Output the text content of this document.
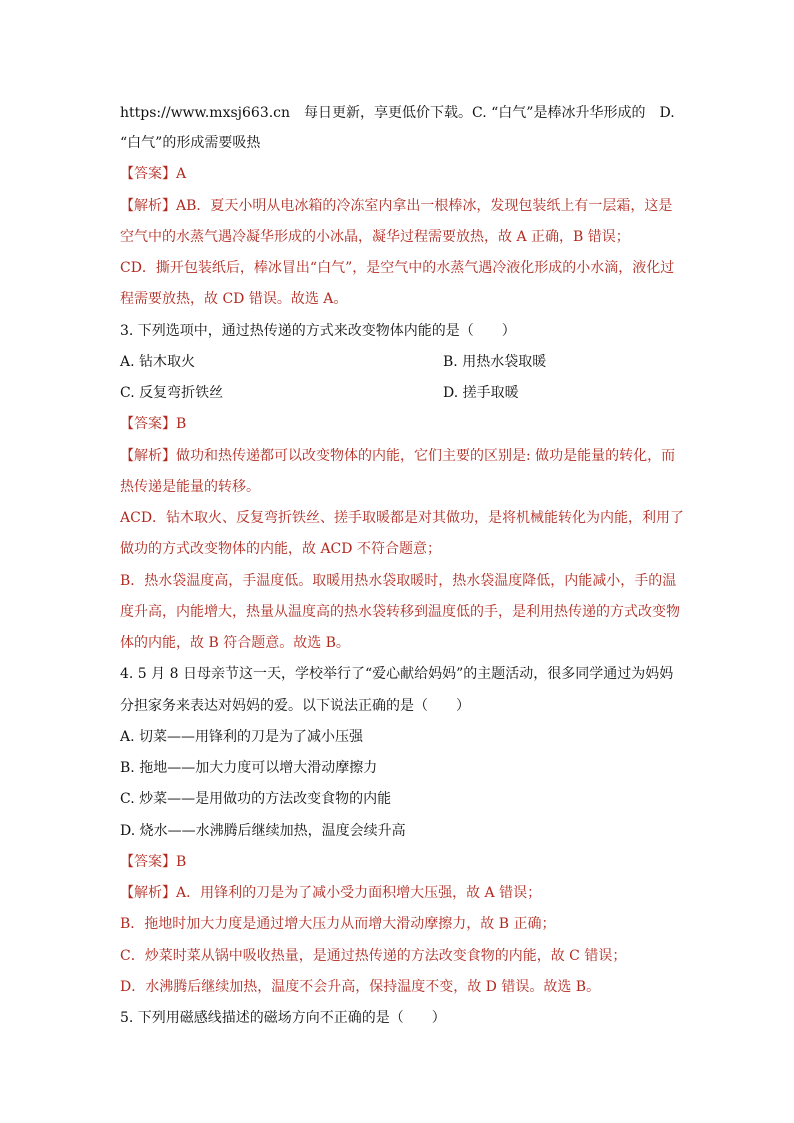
https://www.mxsj663.cn 每日更新，享更低价下载。C. “白气”是棒冰升华形成的 D.
“白气”的形成需要吸热
【答案】A
【解析】AB．夏天小明从电冰箱的冷冻室内拿出一根棒冰，发现包装纸上有一层霜，这是
空气中的水蒸气遇冷凝华形成的小冰晶，凝华过程需要放热，故 A 正确，B 错误；
CD．撕开包装纸后，棒冰冒出“白气”，是空气中的水蒸气遇冷液化形成的小水滴，液化过
程需要放热，故 CD 错误。故选 A。
3. 下列选项中，通过热传递的方式来改变物体内能的是（　　）
A. 钻木取火	B. 用热水袋取暖
C. 反复弯折铁丝	D. 搓手取暖
【答案】B
【解析】做功和热传递都可以改变物体的内能，它们主要的区别是: 做功是能量的转化，而
热传递是能量的转移。
ACD．钻木取火、反复弯折铁丝、搓手取暖都是对其做功，是将机械能转化为内能，利用了
做功的方式改变物体的内能，故 ACD 不符合题意；
B．热水袋温度高，手温度低。取暖用热水袋取暖时，热水袋温度降低，内能减小，手的温
度升高，内能增大，热量从温度高的热水袋转移到温度低的手，是利用热传递的方式改变物
体的内能，故 B 符合题意。故选 B。
4. 5 月 8 日母亲节这一天，学校举行了“爱心献给妈妈”的主题活动，很多同学通过为妈妈
分担家务来表达对妈妈的爱。以下说法正确的是（　　）
A. 切菜——用锋利的刀是为了减小压强
B. 拖地——加大力度可以增大滑动摩擦力
C. 炒菜——是用做功的方法改变食物的内能
D. 烧水——水沸腾后继续加热，温度会续升高
【答案】B
【解析】A．用锋利的刀是为了减小受力面积增大压强，故 A 错误；
B．拖地时加大力度是通过增大压力从而增大滑动摩擦力，故 B 正确；
C．炒菜时菜从锅中吸收热量，是通过热传递的方法改变食物的内能，故 C 错误；
D．水沸腾后继续加热，温度不会升高，保持温度不变，故 D 错误。故选 B。
5. 下列用磁感线描述的磁场方向不正确的是（　　）
